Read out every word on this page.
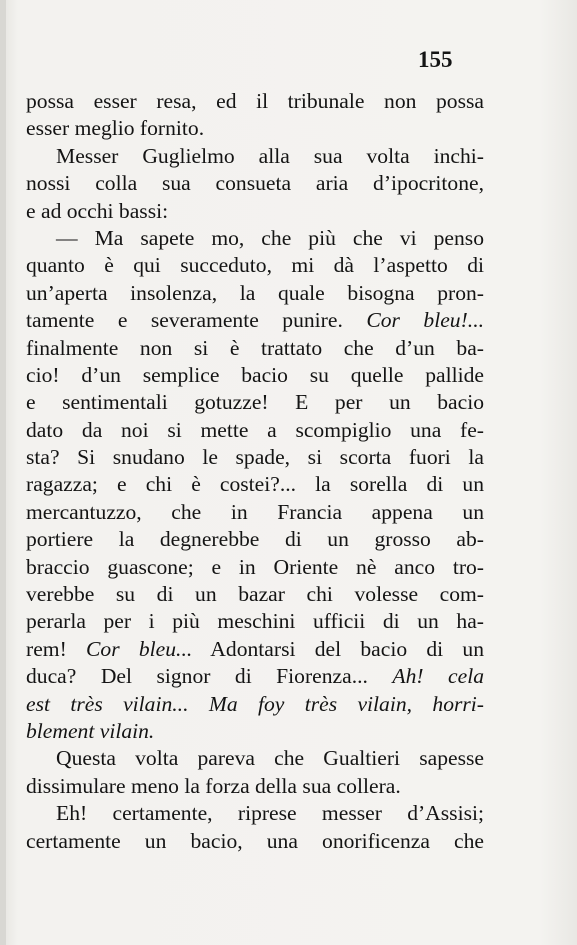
155
possa esser resa, ed il tribunale non possa
esser meglio fornito.
Messer Guglielmo alla sua volta inchi-
nossi colla sua consueta aria d’ipocritone,
e ad occhi bassi:
— Ma sapete mo, che più che vi penso
quanto è qui succeduto, mi dà l’aspetto di
un’aperta insolenza, la quale bisogna pron-
tamente e severamente punire. Cor bleu!...
finalmente non si è trattato che d’un ba-
cio! d’un semplice bacio su quelle pallide
e sentimentali gotuzze! E per un bacio
dato da noi si mette a scompiglio una fe-
sta? Si snudano le spade, si scorta fuori la
ragazza; e chi è costei?... la sorella di un
mercantuzzo, che in Francia appena un
portiere la degnerebbe di un grosso ab-
braccio guascone; e in Oriente nè anco tro-
verebbe su di un bazar chi volesse com-
perarla per i più meschini ufficii di un ha-
rem! Cor bleu... Adontarsi del bacio di un
duca? Del signor di Fiorenza... Ah! cela
est très vilain... Ma foy très vilain, horri-
blement vilain.
Questa volta pareva che Gualtieri sapesse
dissimulare meno la forza della sua collera.
Eh! certamente, riprese messer d’Assisi;
certamente un bacio, una onorificenza che
